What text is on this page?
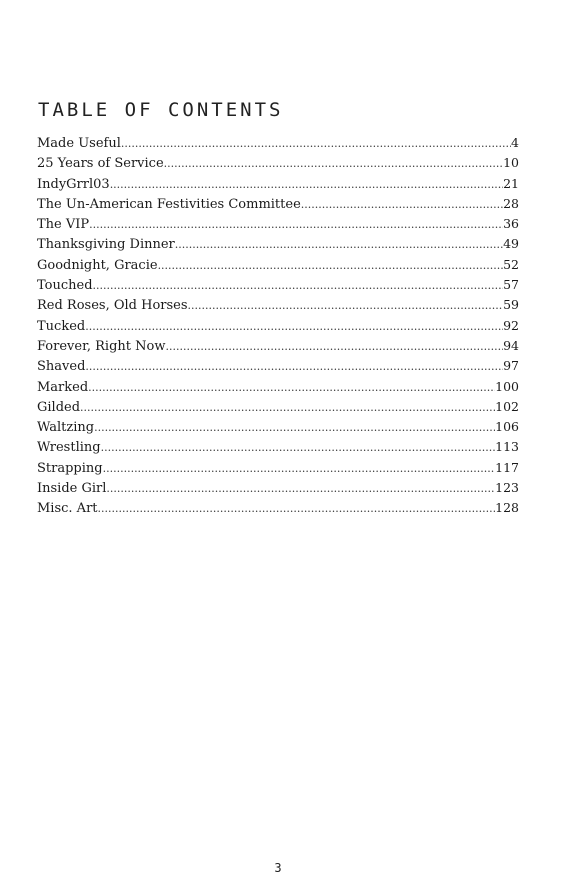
TABLE OF CONTENTS
Made Useful .....	4
25 Years of Service .....	10
IndyGrrl03 .....	21
The Un-American Festivities Committee .....	28
The VIP .....	36
Thanksgiving Dinner .....	49
Goodnight, Gracie .....	52
Touched .....	57
Red Roses, Old Horses .....	59
Tucked .....	92
Forever, Right Now .....	94
Shaved .....	97
Marked .....	100
Gilded .....	102
Waltzing .....	106
Wrestling .....	113
Strapping .....	117
Inside Girl .....	123
Misc. Art .....	128
3
